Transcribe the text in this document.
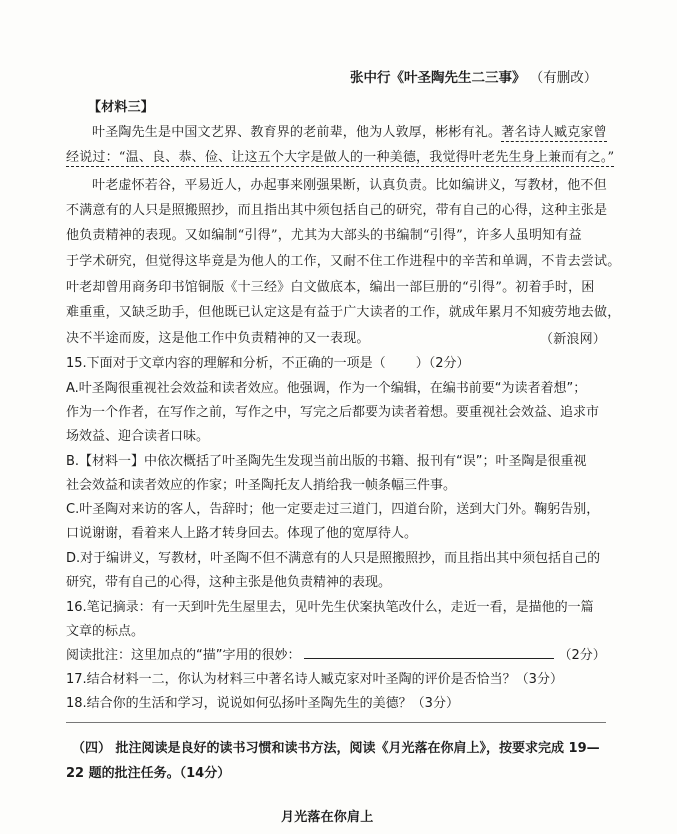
张中行《叶圣陶先生二三事》 （有删改）
【材料三】
叶圣陶先生是中国文艺界、教育界的老前辈，他为人敦厚，彬彬有礼。著名诗人臧克家曾
经说过：“温、良、恭、俭、让这五个大字是做人的一种美德，我觉得叶老先生身上兼而有之。”
叶老虚怀若谷，平易近人，办起事来刚强果断，认真负责。比如编讲义，写教材，他不但
不满意有的人只是照搬照抄，而且指出其中须包括自己的研究，带有自己的心得，这种主张是
他负责精神的表现。又如编制“引得”，尤其为大部头的书编制“引得”，许多人虽明知有益
于学术研究，但觉得这毕竟是为他人的工作，又耐不住工作进程中的辛苦和单调，不肯去尝试。
叶老却曾用商务印书馆铜版《十三经》白文做底本，编出一部巨册的“引得”。初着手时，困
难重重，又缺乏助手，但他既已认定这是有益于广大读者的工作，就成年累月不知疲劳地去做，
决不半途而废，这是他工作中负责精神的又一表现。	（新浪网）
15.下面对于文章内容的理解和分析，不正确的一项是（ ）（2分）
A.叶圣陶很重视社会效益和读者效应。他强调，作为一个编辑，在编书前要“为读者着想”；
作为一个作者，在写作之前，写作之中，写完之后都要为读者着想。要重视社会效益、追求市
场效益、迎合读者口味。
B.【材料一】中依次概括了叶圣陶先生发现当前出版的书籍、报刊有“误”；叶圣陶是很重视
社会效益和读者效应的作家；叶圣陶托友人捎给我一帧条幅三件事。
C.叶圣陶对来访的客人，告辞时；他一定要走过三道门，四道台阶，送到大门外。鞠躬告别，
口说谢谢，看着来人上路才转身回去。体现了他的宽厚待人。
D.对于编讲义，写教材，叶圣陶不但不满意有的人只是照搬照抄，而且指出其中须包括自己的
研究，带有自己的心得，这种主张是他负责精神的表现。
16.笔记摘录：有一天到叶先生屋里去，见叶先生伏案执笔改什么，走近一看，是描他的一篇
文章的标点。
阅读批注：这里加点的“描”字用的很妙：	（2分）
17.结合材料一二，你认为材料三中著名诗人臧克家对叶圣陶的评价是否恰当？（3分）
18.结合你的生活和学习，说说如何弘扬叶圣陶先生的美德？（3分）
（四） 批注阅读是良好的读书习惯和读书方法，阅读《月光落在你肩上》，按要求完成 19—
22 题的批注任务。（14分）
月光落在你肩上
